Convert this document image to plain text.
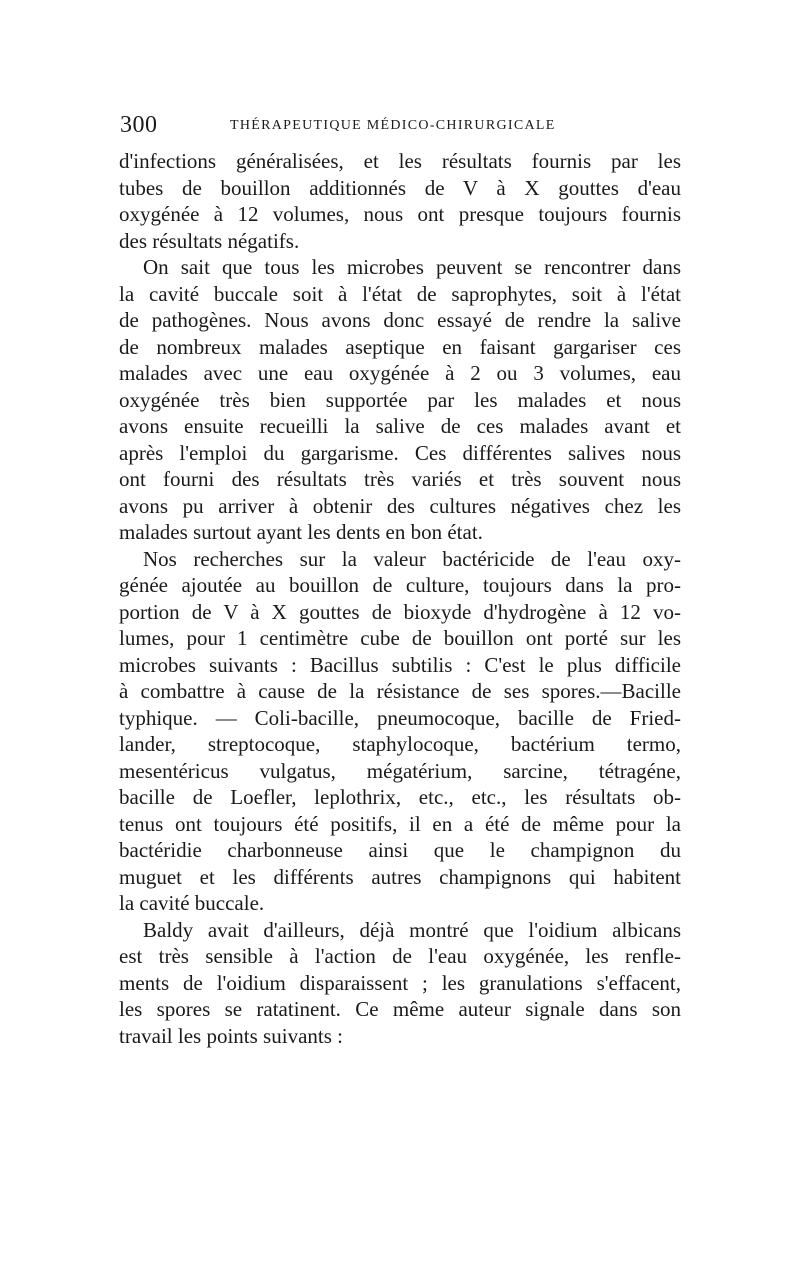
300	THÉRAPEUTIQUE MÉDICO-CHIRURGICALE
d'infections généralisées, et les résultats fournis par les
tubes de bouillon additionnés de V à X gouttes d'eau
oxygénée à 12 volumes, nous ont presque toujours fournis
des résultats négatifs.
On sait que tous les microbes peuvent se rencontrer dans
la cavité buccale soit à l'état de saprophytes, soit à l'état
de pathogènes. Nous avons donc essayé de rendre la salive
de nombreux malades aseptique en faisant gargariser ces
malades avec une eau oxygénée à 2 ou 3 volumes, eau
oxygénée très bien supportée par les malades et nous
avons ensuite recueilli la salive de ces malades avant et
après l'emploi du gargarisme. Ces différentes salives nous
ont fourni des résultats très variés et très souvent nous
avons pu arriver à obtenir des cultures négatives chez les
malades surtout ayant les dents en bon état.
Nos recherches sur la valeur bactéricide de l'eau oxy-
génée ajoutée au bouillon de culture, toujours dans la pro-
portion de V à X gouttes de bioxyde d'hydrogène à 12 vo-
lumes, pour 1 centimètre cube de bouillon ont porté sur les
microbes suivants : Bacillus subtilis : C'est le plus difficile
à combattre à cause de la résistance de ses spores.—Bacille
typhique. — Coli-bacille, pneumocoque, bacille de Fried-
lander, streptocoque, staphylocoque, bactérium termo,
mesentéricus vulgatus, mégatérium, sarcine, tétragéne,
bacille de Loefler, leplothrix, etc., etc., les résultats ob-
tenus ont toujours été positifs, il en a été de même pour la
bactéridie charbonneuse ainsi que le champignon du
muguet et les différents autres champignons qui habitent
la cavité buccale.
Baldy avait d'ailleurs, déjà montré que l'oidium albicans
est très sensible à l'action de l'eau oxygénée, les renfle-
ments de l'oidium disparaissent ; les granulations s'effacent,
les spores se ratatinent. Ce même auteur signale dans son
travail les points suivants :
